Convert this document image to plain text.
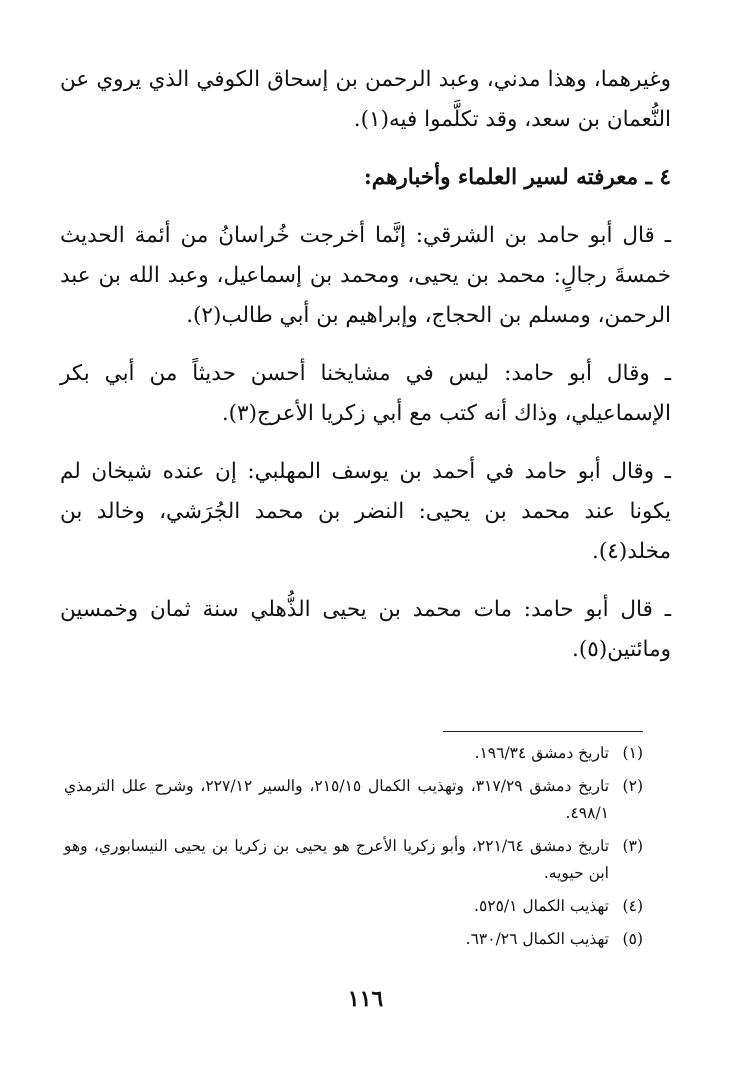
وغيرهما، وهذا مدني، وعبد الرحمن بن إسحاق الكوفي الذي يروي عن النُّعمان بن سعد، وقد تكلَّموا فيه(١).

٤ ـ معرفته لسير العلماء وأخبارهم:

ـ قال أبو حامد بن الشرقي: إنَّما أخرجت خُراسانُ من أئمة الحديث خمسةَ رجالٍ: محمد بن يحيى، ومحمد بن إسماعيل، وعبد الله بن عبد الرحمن، ومسلم بن الحجاج، وإبراهيم بن أبي طالب(٢).

ـ وقال أبو حامد: ليس في مشايخنا أحسن حديثاً من أبي بكر الإسماعيلي، وذاك أنه كتب مع أبي زكريا الأعرج(٣).

ـ وقال أبو حامد في أحمد بن يوسف المهلبي: إن عنده شيخان لم يكونا عند محمد بن يحيى: النضر بن محمد الجُرَشي، وخالد بن مخلد(٤).

ـ قال أبو حامد: مات محمد بن يحيى الذُّهلي سنة ثمان وخمسين ومائتين(٥).

(١)
تاريخ دمشق ١٩٦/٣٤.
(٢)
تاريخ دمشق ٣١٧/٢٩، وتهذيب الكمال ٢١٥/١٥، والسير ٢٢٧/١٢، وشرح علل الترمذي ٤٩٨/١.
(٣)
تاريخ دمشق ٢٢١/٦٤، وأبو زكريا الأعرج هو يحيى بن زكريا بن يحيى النيسابوري، وهو ابن حيويه.
(٤)
تهذيب الكمال ٥٢٥/١.
(٥)
تهذيب الكمال ٦٣٠/٢٦.
١١٦
